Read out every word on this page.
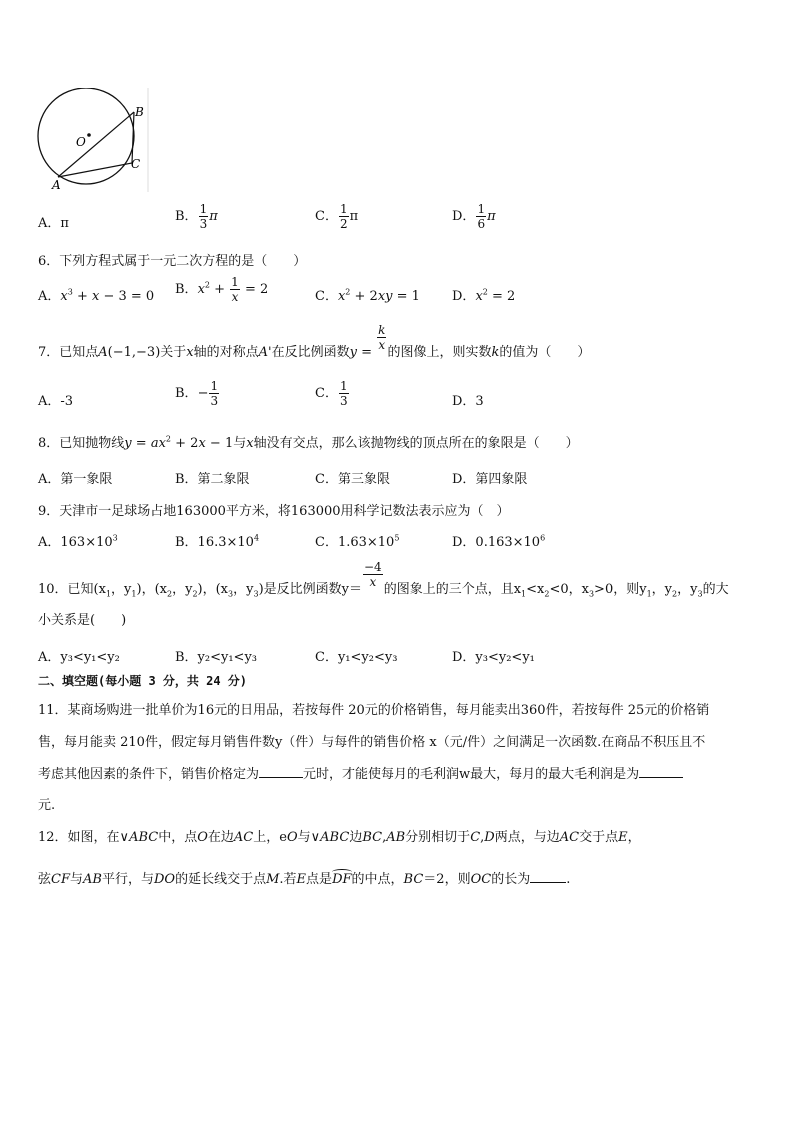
O
B
C
A
A．π	B． $\frac{1}{3}$ π	C． $\frac{1}{2}$ π	D． $\frac{1}{6}$ π
6．下列方程式属于一元二次方程的是（　　）
A．$x^3 + x - 3 = 0$ B．$x^2 + \frac{1}{x} = 2$	C．$x^2 + 2xy = 1$ D．$x^2 = 2$
7．已知点A(−1,−3)关于x轴的对称点A'在反比例函数y =
$\frac{k}{x}$
的图像上，则实数k的值为（　　）
A．-3
B．− $\frac{1}{3}$	C． $\frac{1}{3}$	D．3
8．已知抛物线$y = ax^2 + 2x - 1$与x轴没有交点，那么该抛物线的顶点所在的象限是（　　）
A．第一象限	B．第二象限	C．第三象限	D．第四象限
9．天津市一足球场占地163000平方米，将163000用科学记数法表示应为（　）
A．$163\times 10^3$	B．$16.3\times 10^4$	C．$1.63\times 10^5$	D．$0.163\times 10^6$
10．已知($x_1$，$y_1$)，($x_2$，$y_2$)，($x_3$，$y_3$)是反比例函数y＝
$\frac{-4}{x}$
的图象上的三个点，且$x_1<x_2<0$，$x_3>0$，则$y_1$，$y_2$，$y_3$的大
小关系是(　　)
A．y₃<y₁<y₂	B．y₂<y₁<y₃	C．y₁<y₂<y₃	D．y₃<y₂<y₁
二、填空题(每小题 3 分，共 24 分)
11．某商场购进一批单价为16元的日用品，若按每件 20元的价格销售，每月能卖出360件，若按每件 25元的价格销
售，每月能卖 210件，假定每月销售件数y（件）与每件的销售价格 x（元/件）之间满足一次函数.在商品不积压且不
考虑其他因素的条件下，销售价格定为	元时，才能使每月的毛利润w最大，每月的最大毛利润是为
元.
12．如图，在∨ABC中，点O在边AC上，eO与∨ABC边BC,AB分别相切于C,D两点，与边AC交于点E，
弦CF与AB平行，与DO的延长线交于点M.若E点是DF的中点，BC＝2，则OC的长为	.
